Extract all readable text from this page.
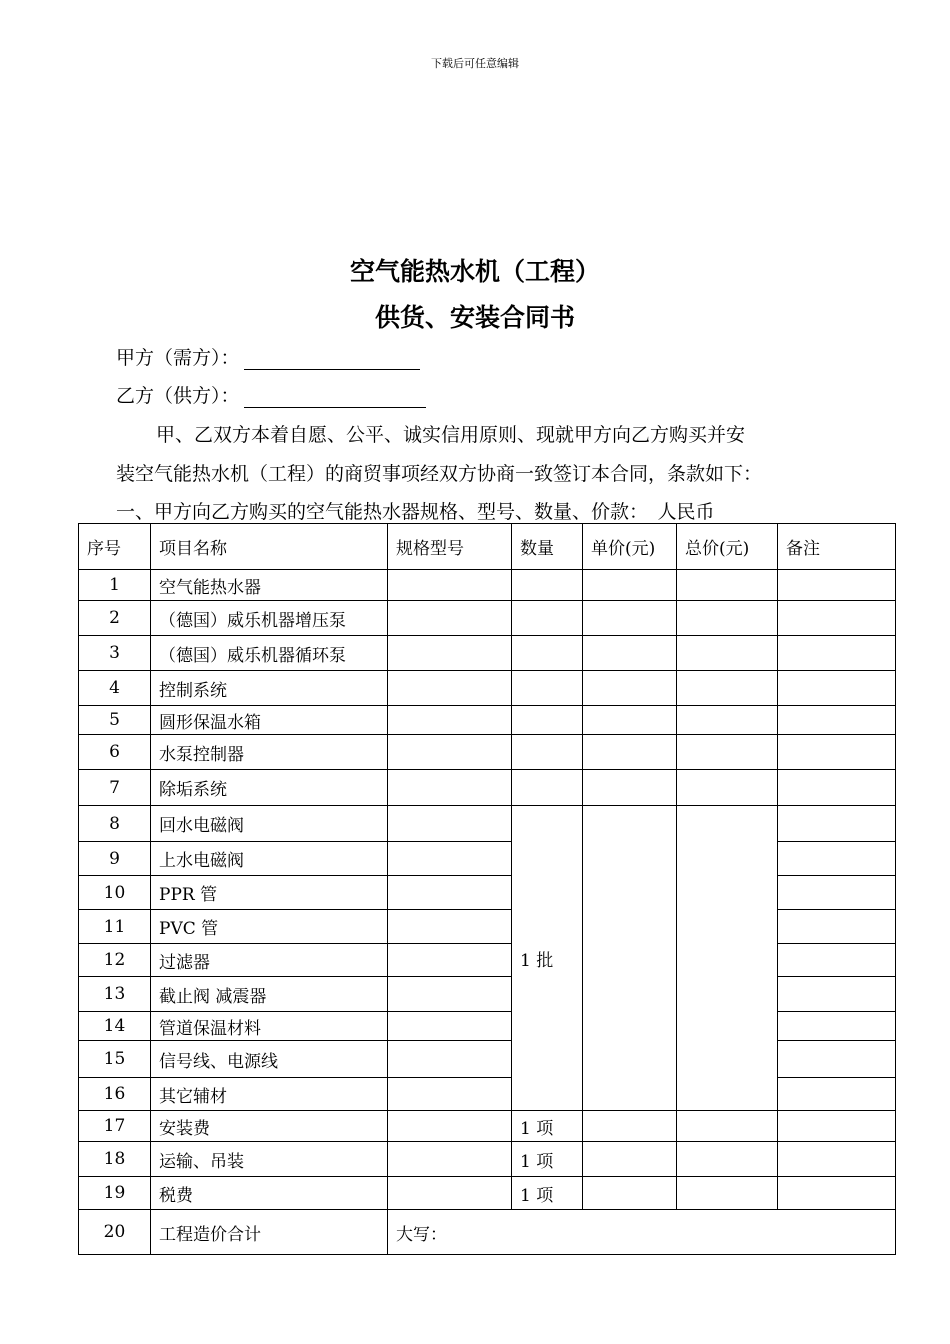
下载后可任意编辑
空气能热水机（工程）
供货、安装合同书
甲方（需方）：
乙方（供方）：
甲、乙双方本着自愿、公平、诚实信用原则、现就甲方向乙方购买并安
装空气能热水机（工程）的商贸事项经双方协商一致签订本合同，条款如下：
一、甲方向乙方购买的空气能热水器规格、型号、数量、价款：　人民币
序号	项目名称	规格型号	数量	单价(元)	总价(元)	备注
1	空气能热水器					
2	（德国）威乐机器增压泵					
3	（德国）威乐机器循环泵					
4	控制系统					
5	圆形保温水箱					
6	水泵控制器					
7	除垢系统					
8	回水电磁阀		1 批			
9	上水电磁阀					
10	PPR 管					
11	PVC 管					
12	过滤器					
13	截止阀 减震器					
14	管道保温材料					
15	信号线、电源线					
16	其它辅材					
17	安装费		1 项			
18	运输、吊装		1 项			
19	税费		1 项			
20	工程造价合计	大写：				
